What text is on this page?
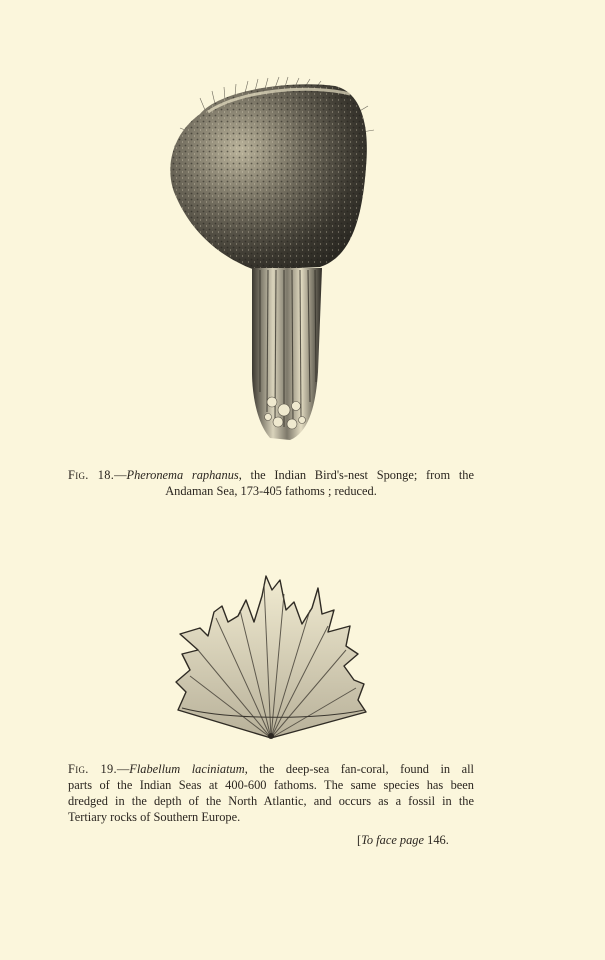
Fig. 18.—Pheronema raphanus, the Indian Bird's-nest Sponge; from the
Andaman Sea, 173-405 fathoms ; reduced.
Fig. 19.—Flabellum laciniatum, the deep-sea fan-coral, found in all
parts of the Indian Seas at 400-600 fathoms. The same species has been
dredged in the depth of the North Atlantic, and occurs as a fossil in the
Tertiary rocks of Southern Europe.
[To face page 146.
